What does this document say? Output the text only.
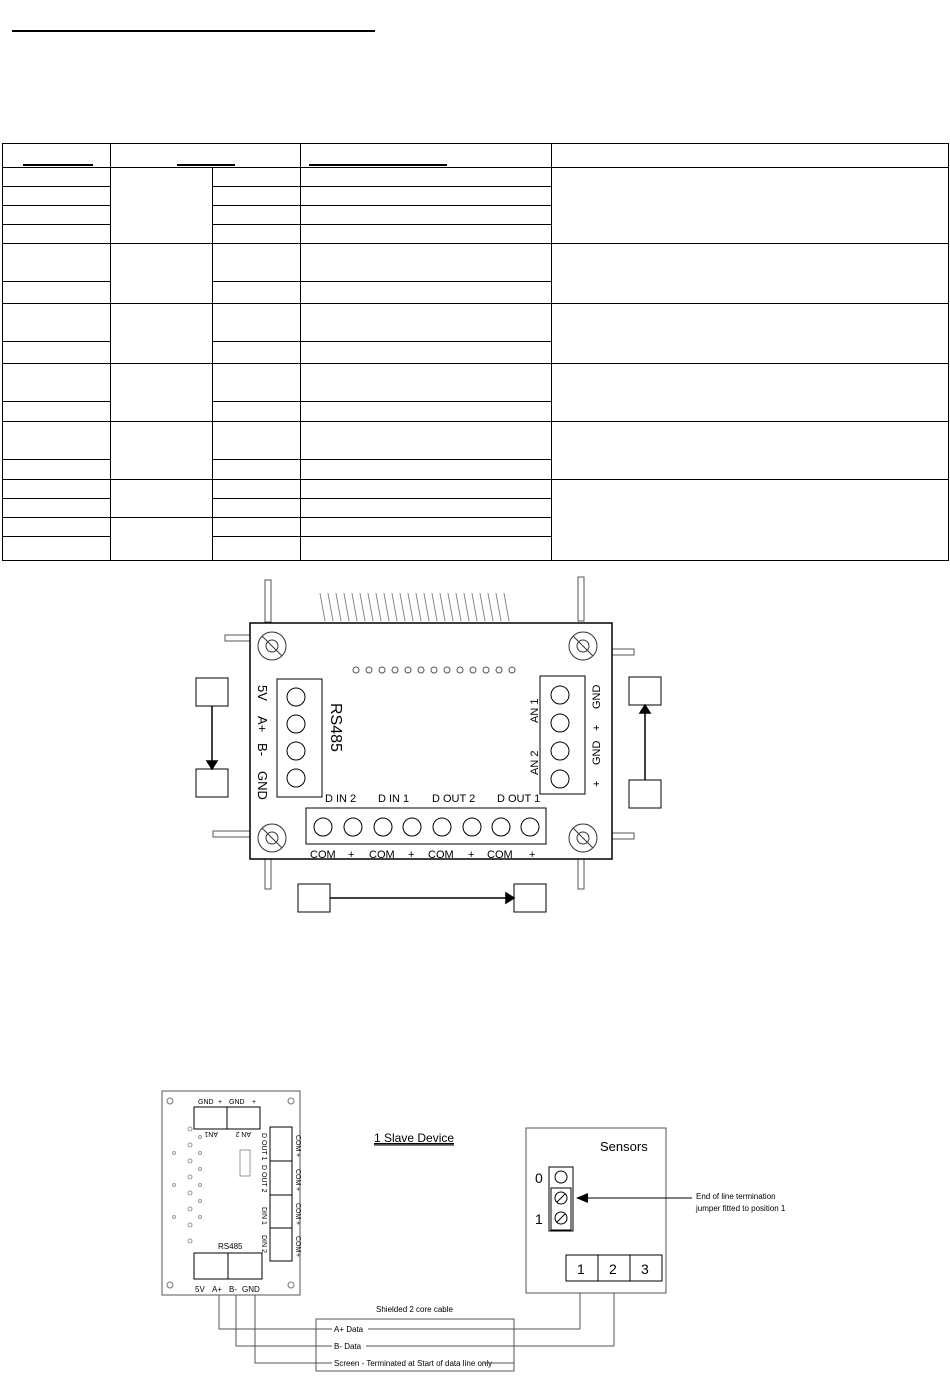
RS485
5V
A+
B-
GND
AN 1
AN 2
GND
+
GND
+
D IN 2 D IN 1 D OUT 2 D OUT 1
COM + COM + COM + COM +
GND + GND +
AN1 AN 2 D OUT 1
D OUT 2
DIN 1
DIN 2
COM
+
COM
+
COM
+
COM
+
RS485
5V A+ B- GND
1 Slave Device
Sensors
0
1
End of line termination
jumper fitted to position 1
1 2 3
Shielded 2 core cable
A+ Data
B- Data
Screen - Terminated at Start of data line only
